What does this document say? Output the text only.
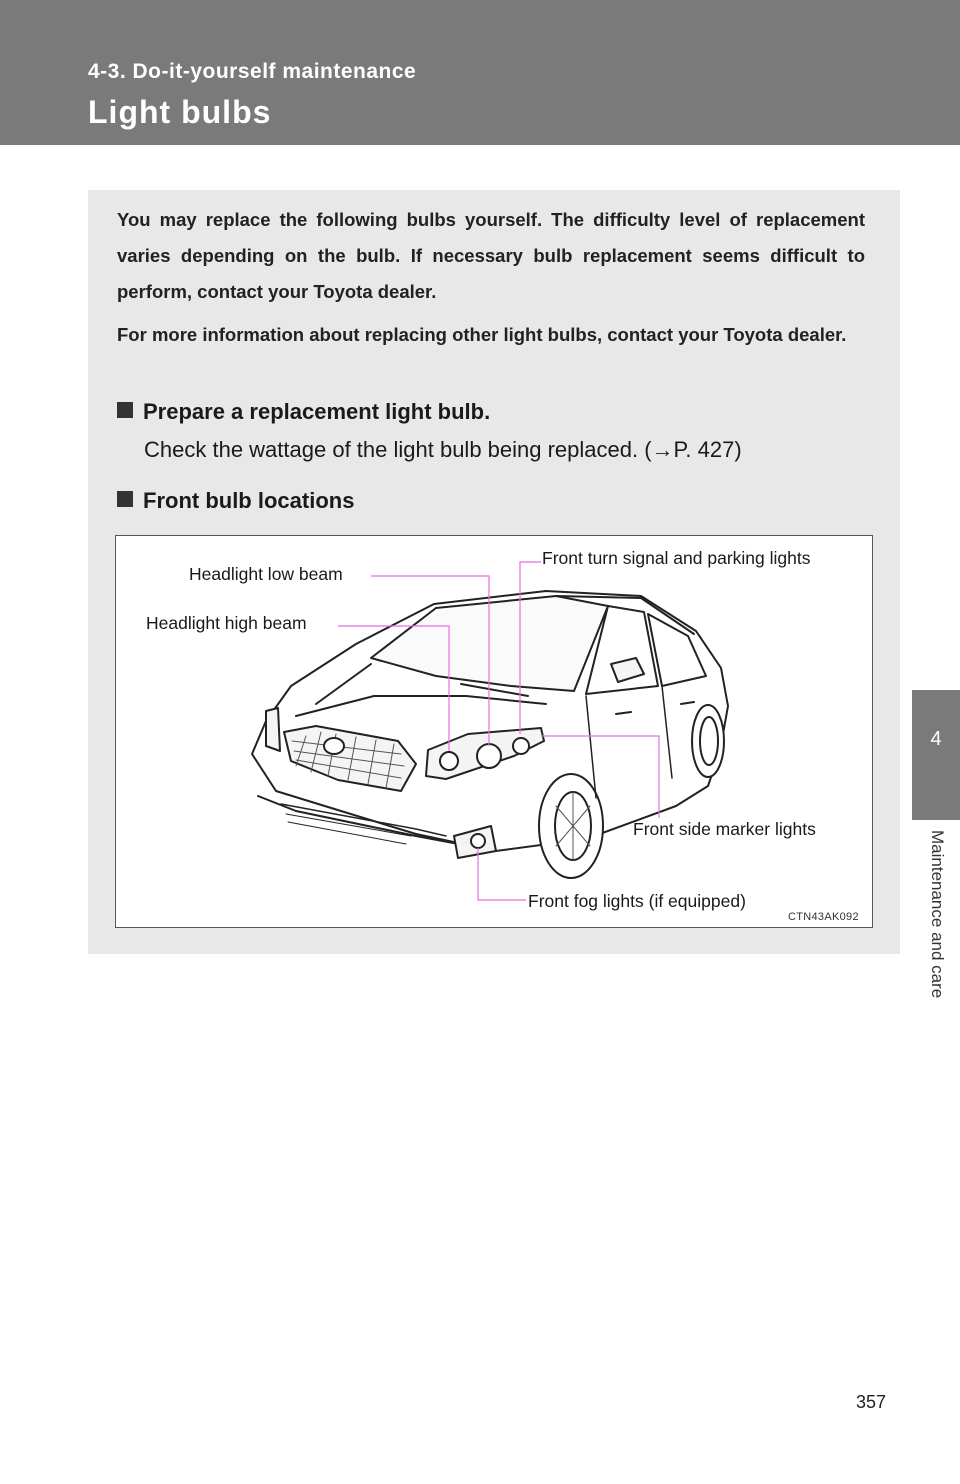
4-3. Do-it-yourself maintenance
Light bulbs
4
Maintenance and care

You may replace the following bulbs yourself. The difficulty level of replacement varies depending on the bulb. If necessary bulb replacement seems difficult to perform, contact your Toyota dealer.

For more information about replacing other light bulbs, contact your Toyota dealer.

Prepare a replacement light bulb.
Check the wattage of the light bulb being replaced. (→P. 427)
Front bulb locations
Headlight low beam
Headlight high beam
Front turn signal and parking lights
Front side marker lights
Front fog lights (if equipped)
CTN43AK092
357
